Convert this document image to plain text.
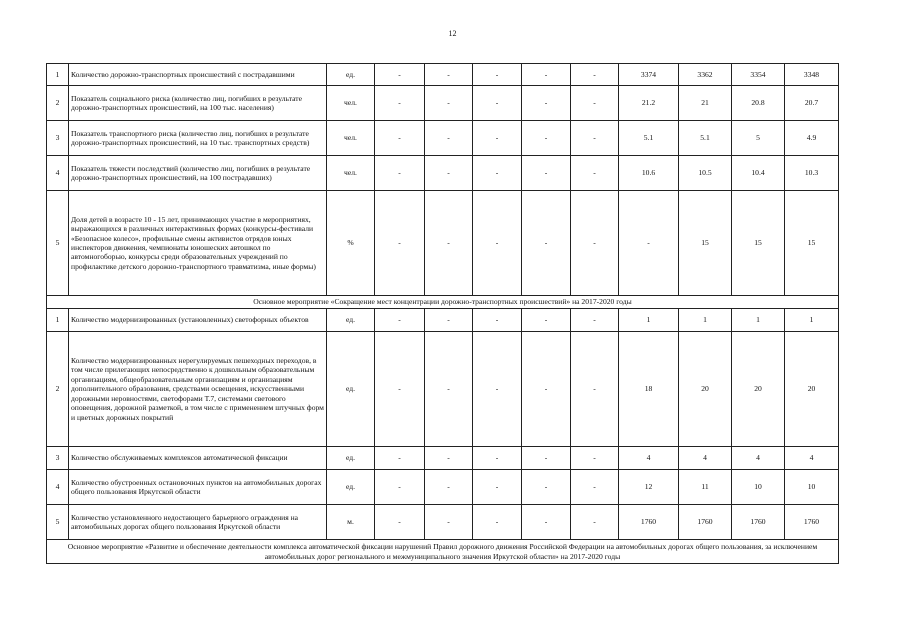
12
1	Количество дорожно-транспортных происшествий с пострадавшими	ед.	-	-	-	-	-	3374	3362	3354	3348
2	Показатель социального риска (количество лиц, погибших в результате дорожно-транспортных происшествий, на 100 тыс. населения)	чел.	-	-	-	-	-	21.2	21	20.8	20.7
3	Показатель транспортного риска (количество лиц, погибших в результате дорожно-транспортных происшествий, на 10 тыс. транспортных средств)	чел.	-	-	-	-	-	5.1	5.1	5	4.9
4	Показатель тяжести последствий (количество лиц, погибших в результате дорожно-транспортных происшествий, на 100 пострадавших)	чел.	-	-	-	-	-	10.6	10.5	10.4	10.3
5	Доля детей в возрасте 10 - 15 лет, принимающих участие в мероприятиях, выражающихся в различных интерактивных формах (конкурсы-фестивали «Безопасное колесо», профильные смены активистов отрядов юных инспекторов движения, чемпионаты юношеских автошкол по автомногоборью, конкурсы среди образовательных учреждений по профилактике детского дорожно-транспортного травматизма, иные формы)	%	-	-	-	-	-	-	15	15	15
Основное мероприятие «Сокращение мест концентрации дорожно-транспортных происшествий» на 2017-2020 годы											
1	Количество модернизированных (установленных) светофорных объектов	ед.	-	-	-	-	-	1	1	1	1
2	Количество модернизированных нерегулируемых пешеходных переходов, в том числе прилегающих непосредственно к дошкольным образовательным организациям, общеобразовательным организациям и организациям дополнительного образования, средствами освещения, искусственными дорожными неровностями, светофорами Т.7, системами светового оповещения, дорожной разметкой, в том числе с применением штучных форм и цветных дорожных покрытий	ед.	-	-	-	-	-	18	20	20	20
3	Количество обслуживаемых комплексов автоматической фиксации	ед.	-	-	-	-	-	4	4	4	4
4	Количество обустроенных остановочных пунктов на автомобильных дорогах общего пользования Иркутской области	ед.	-	-	-	-	-	12	11	10	10
5	Количество установленного недостающего барьерного ограждения на автомобильных дорогах общего пользования Иркутской области	м.	-	-	-	-	-	1760	1760	1760	1760
Основное мероприятие «Развитие и обеспечение деятельности комплекса автоматической фиксации нарушений Правил дорожного движения Российской Федерации на автомобильных дорогах общего пользования, за исключением автомобильных дорог регионального и межмуниципального значения Иркутской области» на 2017-2020 годы											
